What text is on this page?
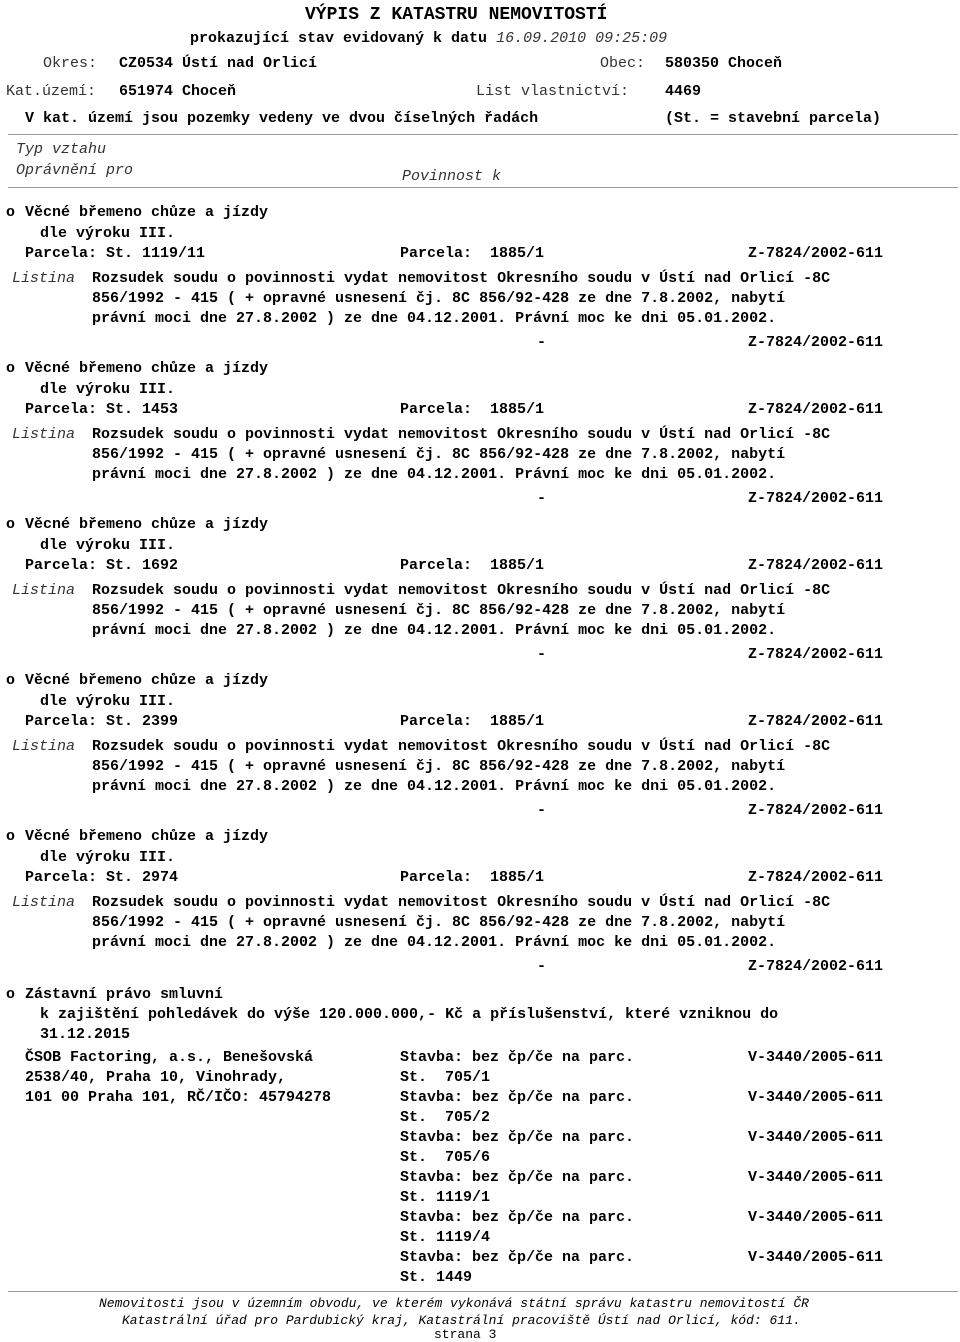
VÝPIS Z KATASTRU NEMOVITOSTÍ
prokazující stav evidovaný k datu 16.09.2010 09:25:09
Okres: CZ0534 Ústí nad Orlicí	Obec: 580350 Choceň
Kat.území: 651974 Choceň	List vlastnictví: 4469
V kat. území jsou pozemky vedeny ve dvou číselných řadách	(St. = stavební parcela)
Typ vztahu
Oprávnění pro	Povinnost k
o Věcné břemeno chůze a jízdy
dle výroku III.
Parcela: St. 1119/11	Parcela:  1885/1	Z-7824/2002-611
Listina Rozsudek soudu o povinnosti vydat nemovitost Okresního soudu v Ústí nad Orlicí -8C
856/1992 - 415 ( + opravné usnesení čj. 8C 856/92-428 ze dne 7.8.2002, nabytí
právní moci dne 27.8.2002 ) ze dne 04.12.2001. Právní moc ke dni 05.01.2002.
-	Z-7824/2002-611
o Věcné břemeno chůze a jízdy
dle výroku III.
Parcela: St. 1453	Parcela:  1885/1	Z-7824/2002-611
Listina Rozsudek soudu o povinnosti vydat nemovitost Okresního soudu v Ústí nad Orlicí -8C
856/1992 - 415 ( + opravné usnesení čj. 8C 856/92-428 ze dne 7.8.2002, nabytí
právní moci dne 27.8.2002 ) ze dne 04.12.2001. Právní moc ke dni 05.01.2002.
-	Z-7824/2002-611
o Věcné břemeno chůze a jízdy
dle výroku III.
Parcela: St. 1692	Parcela:  1885/1	Z-7824/2002-611
Listina Rozsudek soudu o povinnosti vydat nemovitost Okresního soudu v Ústí nad Orlicí -8C
856/1992 - 415 ( + opravné usnesení čj. 8C 856/92-428 ze dne 7.8.2002, nabytí
právní moci dne 27.8.2002 ) ze dne 04.12.2001. Právní moc ke dni 05.01.2002.
-	Z-7824/2002-611
o Věcné břemeno chůze a jízdy
dle výroku III.
Parcela: St. 2399	Parcela:  1885/1	Z-7824/2002-611
Listina Rozsudek soudu o povinnosti vydat nemovitost Okresního soudu v Ústí nad Orlicí -8C
856/1992 - 415 ( + opravné usnesení čj. 8C 856/92-428 ze dne 7.8.2002, nabytí
právní moci dne 27.8.2002 ) ze dne 04.12.2001. Právní moc ke dni 05.01.2002.
-	Z-7824/2002-611
o Věcné břemeno chůze a jízdy
dle výroku III.
Parcela: St. 2974	Parcela:  1885/1	Z-7824/2002-611
Listina Rozsudek soudu o povinnosti vydat nemovitost Okresního soudu v Ústí nad Orlicí -8C
856/1992 - 415 ( + opravné usnesení čj. 8C 856/92-428 ze dne 7.8.2002, nabytí
právní moci dne 27.8.2002 ) ze dne 04.12.2001. Právní moc ke dni 05.01.2002.
-	Z-7824/2002-611
o Zástavní právo smluvní
k zajištění pohledávek do výše 120.000.000,- Kč a příslušenství, které vzniknou do
31.12.2015
ČSOB Factoring, a.s., Benešovská
2538/40, Praha 10, Vinohrady,
101 00 Praha 101, RČ/IČO: 45794278
Stavba: bez čp/če na parc.	V-3440/2005-611
St.  705/1
Stavba: bez čp/če na parc.	V-3440/2005-611
St.  705/2
Stavba: bez čp/če na parc.	V-3440/2005-611
St.  705/6
Stavba: bez čp/če na parc.	V-3440/2005-611
St. 1119/1
Stavba: bez čp/če na parc.	V-3440/2005-611
St. 1119/4
Stavba: bez čp/če na parc.	V-3440/2005-611
St. 1449
Nemovitosti jsou v územním obvodu, ve kterém vykonává státní správu katastru nemovitostí ČR
Katastrální úřad pro Pardubický kraj, Katastrální pracoviště Ústí nad Orlicí, kód: 611.
strana 3
